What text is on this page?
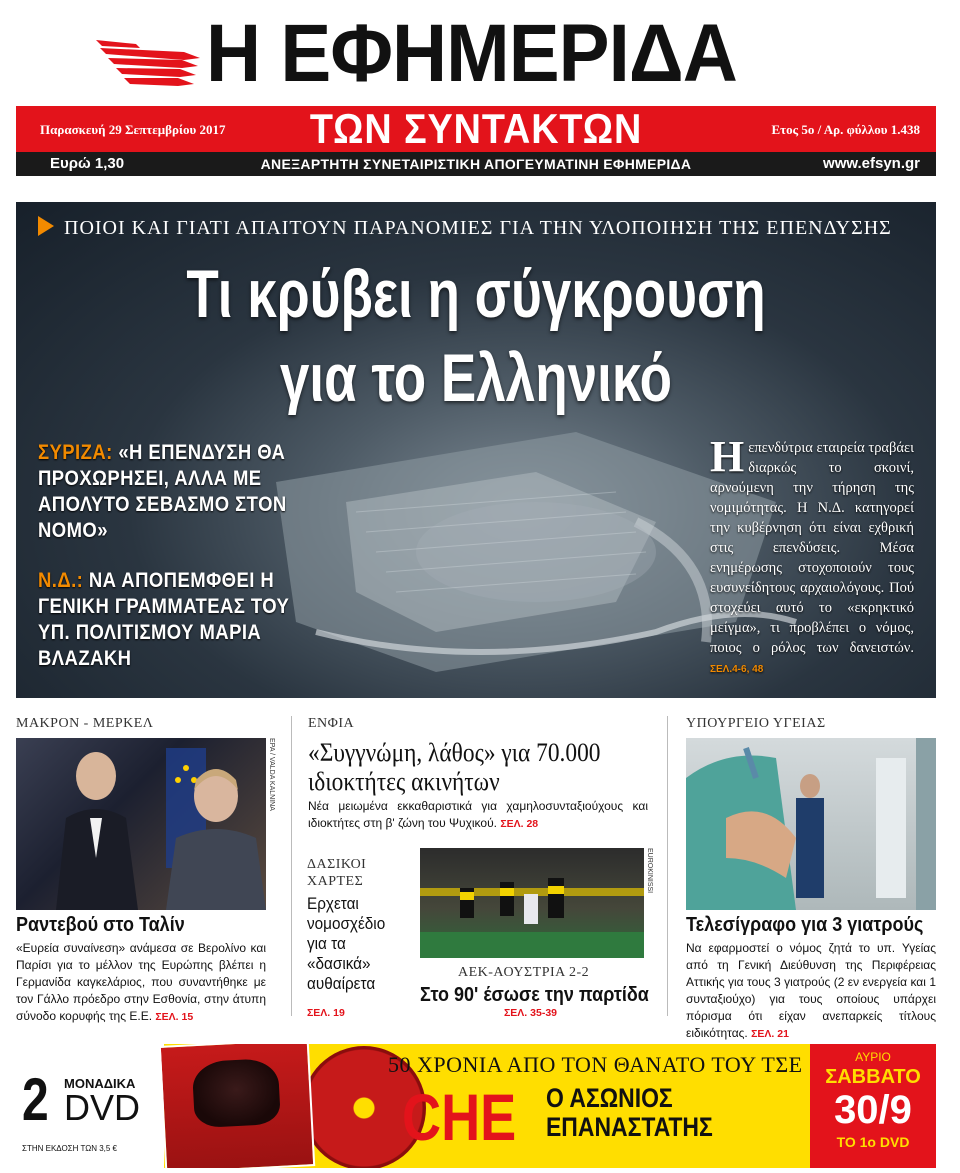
Η ΕΦΗΜΕΡΙΔΑ
Παρασκευή 29 Σεπτεμβρίου 2017	ΤΩΝ ΣΥΝΤΑΚΤΩΝ	Ετος 5ο / Αρ. φύλλου 1.438
Ευρώ 1,30	ΑΝΕΞΑΡΤΗΤΗ ΣΥΝΕΤΑΙΡΙΣΤΙΚΗ ΑΠΟΓΕΥΜΑΤΙΝΗ ΕΦΗΜΕΡΙΔΑ	www.efsyn.gr
ΠΟΙΟΙ ΚΑΙ ΓΙΑΤΙ ΑΠΑΙΤΟΥΝ ΠΑΡΑΝΟΜΙΕΣ ΓΙΑ ΤΗΝ ΥΛΟΠΟΙΗΣΗ ΤΗΣ ΕΠΕΝΔΥΣΗΣ
Τι κρύβει η σύγκρουση
για το Ελληνικό
ΣΥΡΙΖΑ: «Η ΕΠΕΝΔΥΣΗ ΘΑ ΠΡΟΧΩΡΗΣΕΙ, ΑΛΛΑ ΜΕ ΑΠΟΛΥΤΟ ΣΕΒΑΣΜΟ ΣΤΟΝ ΝΟΜΟ»
Ν.Δ.: ΝΑ ΑΠΟΠΕΜΦΘΕΙ Η ΓΕΝΙΚΗ ΓΡΑΜΜΑΤΕΑΣ ΤΟΥ ΥΠ. ΠΟΛΙΤΙΣΜΟΥ ΜΑΡΙΑ ΒΛΑΖΑΚΗ
Ηεπενδύτρια εταιρεία τραβάει διαρκώς το σκοινί, αρνούμενη την τήρηση της νομιμότητας. Η Ν.Δ. κατηγορεί την κυβέρνηση ότι είναι εχθρική στις επενδύσεις. Μέσα ενημέρωσης στοχοποιούν τους ευσυνείδητους αρχαιολόγους. Πού στοχεύει αυτό το «εκρηκτικό μείγμα», τι προβλέπει ο νόμος, ποιος ο ρόλος των δανειστών. ΣΕΛ.4-6, 48
ΜΑΚΡΟΝ - ΜΕΡΚΕΛ
EPA / VALDA KALNINA
Ραντεβού στο Ταλίν
«Ευρεία συναίνεση» ανάμεσα σε Βερολίνο και Παρίσι για το μέλλον της Ευρώπης βλέπει η Γερμανίδα καγκελάριος, που συναντήθηκε με τον Γάλλο πρόεδρο στην Εσθονία, στην άτυπη σύνοδο κορυφής της Ε.Ε. ΣΕΛ. 15
ΕΝΦΙΑ
«Συγγνώμη, λάθος» για 70.000 ιδιοκτήτες ακινήτων
Νέα μειωμένα εκκαθαριστικά για χαμηλοσυνταξιούχους και ιδιοκτήτες στη β' ζώνη του Ψυχικού. ΣΕΛ. 28
ΔΑΣΙΚΟΙ
ΧΑΡΤΕΣ
Ερχεται νομοσχέδιο για τα «δασικά» αυθαίρετα
ΣΕΛ. 19
EUROKINISSI
ΑΕΚ-ΑΟΥΣΤΡΙΑ 2-2
Στο 90' έσωσε την παρτίδα
ΣΕΛ. 35-39
ΥΠΟΥΡΓΕΙΟ ΥΓΕΙΑΣ
Τελεσίγραφο για 3 γιατρούς
Να εφαρμοστεί ο νόμος ζητά το υπ. Υγείας από τη Γενική Διεύθυνση της Περιφέρειας Αττικής για τους 3 γιατρούς (2 εν ενεργεία και 1 συνταξιούχο) για τους οποίους υπάρχει πόρισμα ότι είχαν ανεπαρκείς τίτλους ειδικότητας. ΣΕΛ. 21
2 ΜΟΝΑΔΙΚΑ
DVD
ΣΤΗΝ ΕΚΔΟΣΗ ΤΩΝ 3,5 €
50 ΧΡΟΝΙΑ ΑΠΟ ΤΟΝ ΘΑΝΑΤΟ ΤΟΥ ΤΣΕ
CHE Ο ΑΣΩΝΙΟΣ
ΕΠΑΝΑΣΤΑΤΗΣ
ΑΥΡΙΟ
ΣΑΒΒΑΤΟ
30/9
ΤΟ 1ο DVD
